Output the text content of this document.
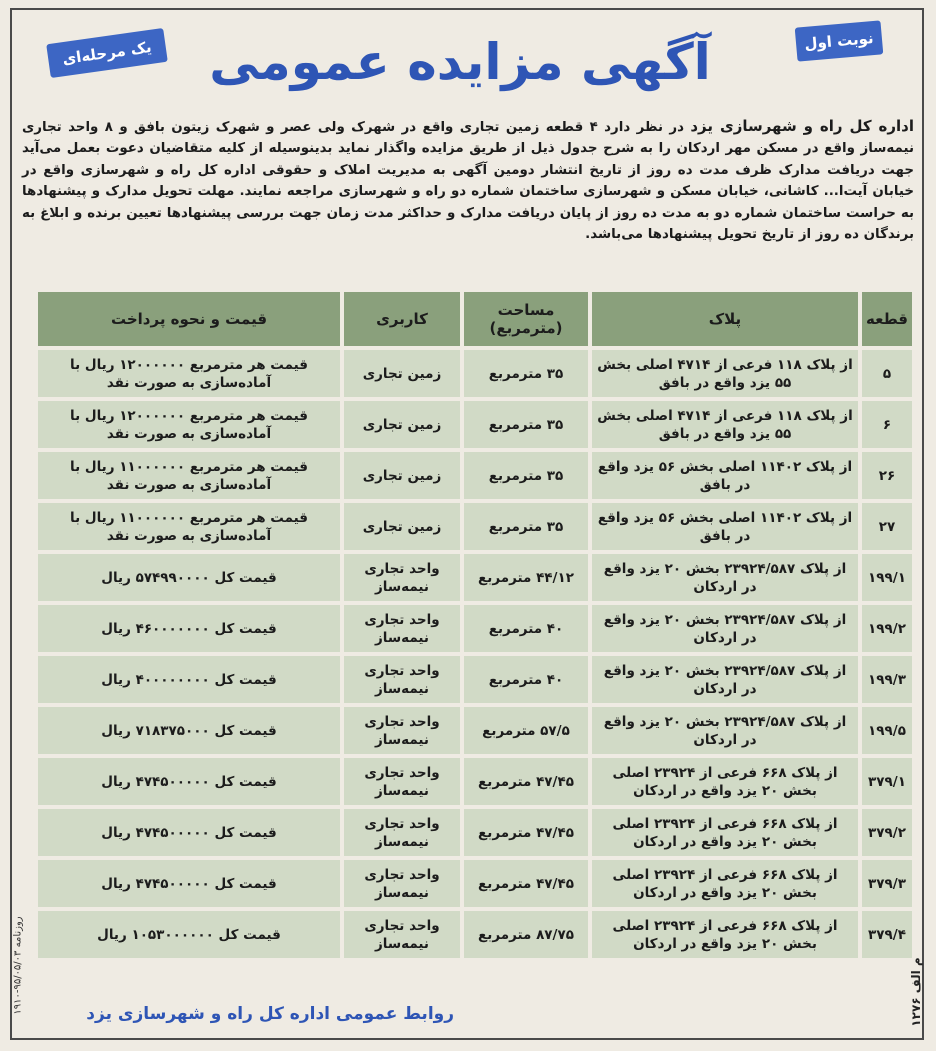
نوبت اول
یک مرحله‌ای	آگهی مزایده عمومی
اداره کل راه و شهرسازی یزد در نظر دارد ۴ قطعه زمین تجاری واقع در شهرک ولی عصر و شهرک زیتون بافق و ۸ واحد تجاری نیمه‌ساز واقع در مسکن مهر اردکان را به شرح جدول ذیل از طریق مزایده واگذار نماید بدینوسیله از کلیه متقاضیان دعوت بعمل می‌آید جهت دریافت مدارک ظرف مدت ده روز از تاریخ انتشار دومین آگهی به مدیریت املاک و حقوقی اداره کل راه و شهرسازی واقع در خیابان آیت‌ا... کاشانی، خیابان مسکن و شهرسازی ساختمان شماره دو راه و شهرسازی مراجعه نمایند. مهلت تحویل مدارک و پیشنهادها به حراست ساختمان شماره دو به مدت ده روز از پایان دریافت مدارک و حداکثر مدت زمان جهت بررسی پیشنهادها تعیین برنده و ابلاغ به برندگان ده روز از تاریخ تحویل پیشنهادها می‌باشد.
قطعه	پلاک	مساحت (مترمربع)	کاربری	قیمت و نحوه پرداخت
۵	از پلاک ۱۱۸ فرعی از ۴۷۱۴ اصلی بخش ۵۵ یزد واقع در بافق	۳۵ مترمربع	زمین تجاری	قیمت هر مترمربع ۱۲۰۰۰۰۰۰ ریال با آماده‌سازی به صورت نقد
۶	از پلاک ۱۱۸ فرعی از ۴۷۱۴ اصلی بخش ۵۵ یزد واقع در بافق	۳۵ مترمربع	زمین تجاری	قیمت هر مترمربع ۱۲۰۰۰۰۰۰ ریال با آماده‌سازی به صورت نقد
۲۶	از پلاک ۱۱۴۰۲ اصلی بخش ۵۶ یزد واقع در بافق	۳۵ مترمربع	زمین تجاری	قیمت هر مترمربع ۱۱۰۰۰۰۰۰ ریال با آماده‌سازی به صورت نقد
۲۷	از پلاک ۱۱۴۰۲ اصلی بخش ۵۶ یزد واقع در بافق	۳۵ مترمربع	زمین تجاری	قیمت هر مترمربع ۱۱۰۰۰۰۰۰ ریال با آماده‌سازی به صورت نقد
۱۹۹/۱	از پلاک ۲۳۹۲۴/۵۸۷ بخش ۲۰ یزد واقع در اردکان	۴۴/۱۲ مترمربع	واحد تجاری نیمه‌ساز	قیمت کل ۵۷۴۹۹۰۰۰۰ ریال
۱۹۹/۲	از پلاک ۲۳۹۲۴/۵۸۷ بخش ۲۰ یزد واقع در اردکان	۴۰ مترمربع	واحد تجاری نیمه‌ساز	قیمت کل ۴۶۰۰۰۰۰۰۰ ریال
۱۹۹/۳	از پلاک ۲۳۹۲۴/۵۸۷ بخش ۲۰ یزد واقع در اردکان	۴۰ مترمربع	واحد تجاری نیمه‌ساز	قیمت کل ۴۰۰۰۰۰۰۰۰ ریال
۱۹۹/۵	از پلاک ۲۳۹۲۴/۵۸۷ بخش ۲۰ یزد واقع در اردکان	۵۷/۵ مترمربع	واحد تجاری نیمه‌ساز	قیمت کل ۷۱۸۳۷۵۰۰۰ ریال
۳۷۹/۱	از پلاک ۶۶۸ فرعی از ۲۳۹۲۴ اصلی بخش ۲۰ یزد واقع در اردکان	۴۷/۴۵ مترمربع	واحد تجاری نیمه‌ساز	قیمت کل ۴۷۴۵۰۰۰۰۰ ریال
۳۷۹/۲	از پلاک ۶۶۸ فرعی از ۲۳۹۲۴ اصلی بخش ۲۰ یزد واقع در اردکان	۴۷/۴۵ مترمربع	واحد تجاری نیمه‌ساز	قیمت کل ۴۷۴۵۰۰۰۰۰ ریال
۳۷۹/۳	از پلاک ۶۶۸ فرعی از ۲۳۹۲۴ اصلی بخش ۲۰ یزد واقع در اردکان	۴۷/۴۵ مترمربع	واحد تجاری نیمه‌ساز	قیمت کل ۴۷۴۵۰۰۰۰۰ ریال
۳۷۹/۴	از پلاک ۶۶۸ فرعی از ۲۳۹۲۴ اصلی بخش ۲۰ یزد واقع در اردکان	۸۷/۷۵ مترمربع	واحد تجاری نیمه‌ساز	قیمت کل ۱۰۵۳۰۰۰۰۰۰ ریال
روابط عمومی اداره کل راه و شهرسازی یزد
روزنامه ۹۵/۰۵/۰۳-۱۹۱۰
م الف ۱۲۷۶
